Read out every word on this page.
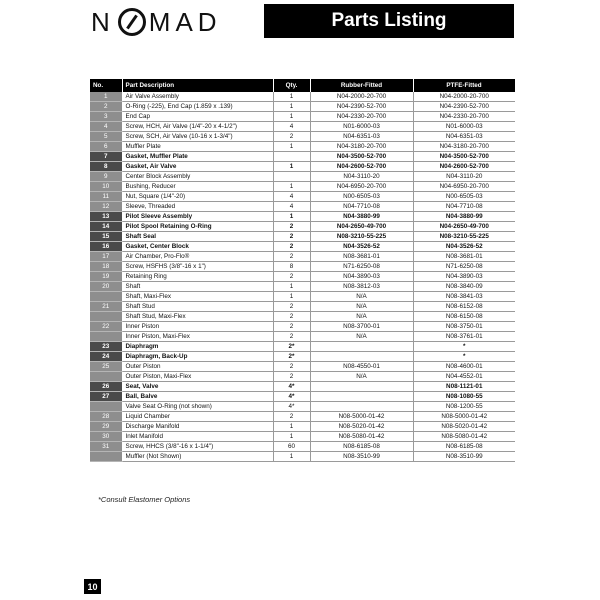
N MAD	Parts Listing
No.	Part Description	Qty.	Rubber-Fitted	PTFE-Fitted
1	Air Valve Assembly	1	N04-2000-20-700	N04-2000-20-700
2	O-Ring (-225), End Cap (1.859 x .139)	1	N04-2390-52-700	N04-2390-52-700
3	End Cap	1	N04-2330-20-700	N04-2330-20-700
4	Screw, HCH, Air Valve (1/4"-20 x 4-1/2")	4	N01-6000-03	N01-6000-03
5	Screw, SCH, Air Valve (10-16 x 1-3/4")	2	N04-6351-03	N04-6351-03
6	Muffler Plate	1	N04-3180-20-700	N04-3180-20-700
7	Gasket, Muffler Plate		N04-3500-52-700	N04-3500-52-700
8	Gasket, Air Valve	1	N04-2600-52-700	N04-2600-52-700
9	Center Block Assembly		N04-3110-20	N04-3110-20
10	Bushing, Reducer	1	N04-6950-20-700	N04-6950-20-700
11	Nut, Square (1/4"-20)	4	N00-6505-03	N00-6505-03
12	Sleeve, Threaded	4	N04-7710-08	N04-7710-08
13	Pilot Sleeve Assembly	1	N04-3880-99	N04-3880-99
14	Pilot Spool Retaining O-Ring	2	N04-2650-49-700	N04-2650-49-700
15	Shaft Seal	2	N08-3210-55-225	N08-3210-55-225
16	Gasket, Center Block	2	N04-3526-52	N04-3526-52
17	Air Chamber, Pro-Flo®	2	N08-3681-01	N08-3681-01
18	Screw, HSFHS (3/8"-16 x 1")	8	N71-6250-08	N71-6250-08
19	Retaining Ring	2	N04-3890-03	N04-3890-03
20	Shaft	1	N08-3812-03	N08-3840-09
	Shaft, Maxi-Flex	1	N/A	N08-3841-03
21	Shaft Stud	2	N/A	N08-6152-08
	Shaft Stud, Maxi-Flex	2	N/A	N08-6150-08
22	Inner Piston	2	N08-3700-01	N08-3750-01
	Inner Piston, Maxi-Flex	2	N/A	N08-3761-01
23	Diaphragm	2*		*
24	Diaphragm, Back-Up	2*		*
25	Outer Piston	2	N08-4550-01	N08-4600-01
	Outer Piston, Maxi-Flex	2	N/A	N04-4552-01
26	Seat, Valve	4*		N08-1121-01
27	Ball, Balve	4*		N08-1080-55
	Valve Seat O-Ring (not shown)	4*		N08-1200-55
28	Liquid Chamber	2	N08-5000-01-42	N08-5000-01-42
29	Discharge Manifold	1	N08-5020-01-42	N08-5020-01-42
30	Inlet Manifold	1	N08-5080-01-42	N08-5080-01-42
31	Screw, HHCS (3/8"-16 x 1-1/4")	60	N08-6185-08	N08-6185-08
	Muffler (Not Shown)	1	N08-3510-99	N08-3510-99
*Consult Elastomer Options
10
